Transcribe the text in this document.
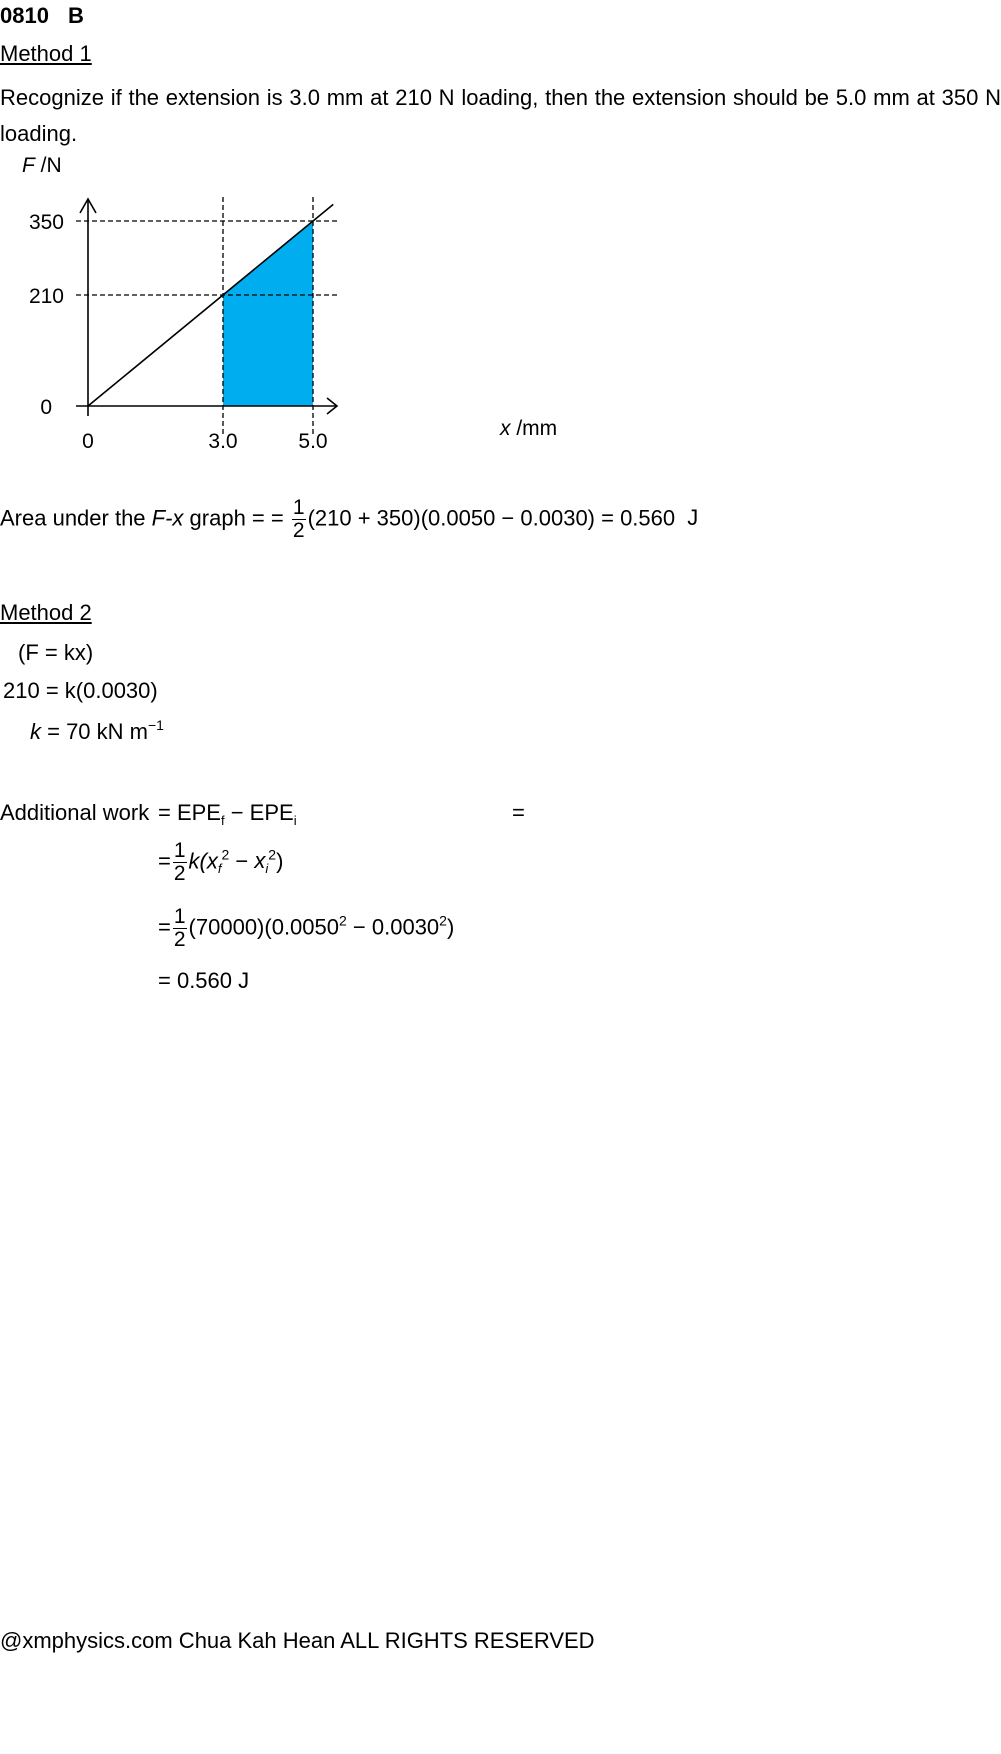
0810 B
Method 1
Recognize if the extension is 3.0 mm at 210 N loading, then the extension should be 5.0 mm at 350 N loading.
F /N
350
210
0
0	3.0	5.0
x /mm
Area under the F-x graph = = $\frac{1}{2} (210 + 350)(0.0050 - 0.0030) = 0.560$ J
Method 2
(F = kx)
210 = k(0.0030)
k = 70 kN $m^{-1}$
Additional work = $EPE_f - EPE_i$	=
= $\frac{1}{2} k(x_f^2 - x_i^2)$
= $\frac{1}{2} (70000)(0.0050^2 - 0.0030^2)$
= 0.560 J
@xmphysics.com Chua Kah Hean ALL RIGHTS RESERVED
